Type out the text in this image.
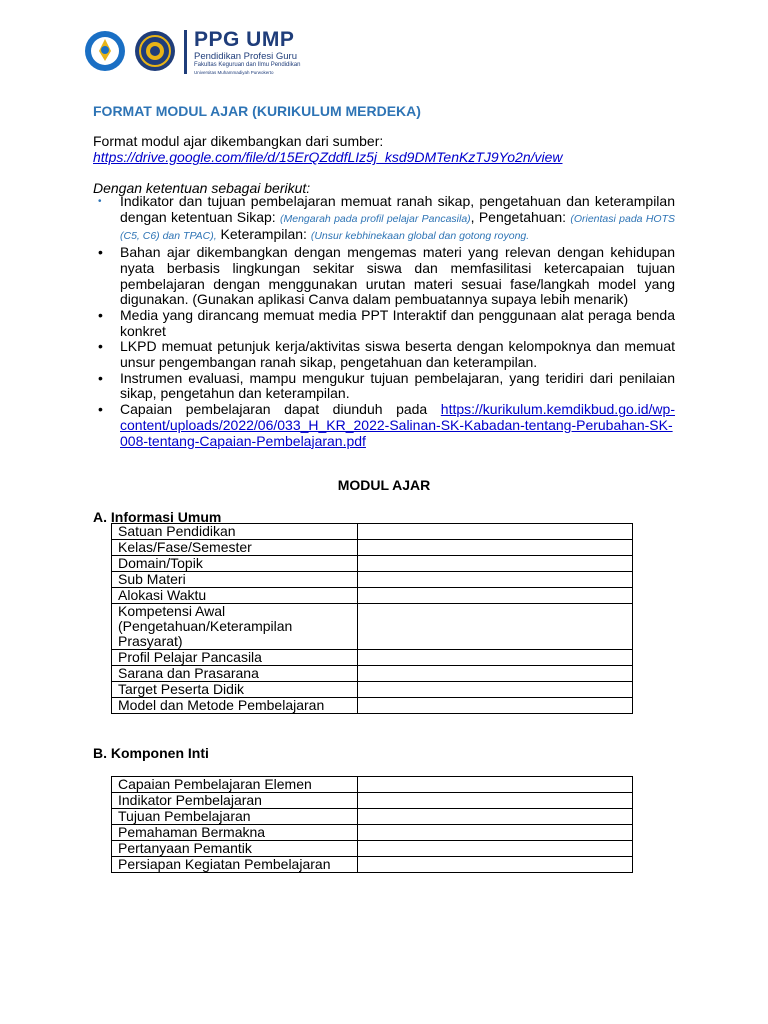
PPG UMP
Pendidikan Profesi Guru
Fakultas Keguruan dan Ilmu Pendidikan
Universitas Muhammadiyah Purwokerto
FORMAT MODUL AJAR (KURIKULUM MERDEKA)
Format modul ajar dikembangkan dari sumber:
https://drive.google.com/file/d/15ErQZddfLIz5j_ksd9DMTenKzTJ9Yo2n/view
Dengan ketentuan sebagai berikut:
• Indikator dan tujuan pembelajaran memuat ranah sikap, pengetahuan dan keterampilan dengan ketentuan Sikap: (Mengarah pada profil pelajar Pancasila), Pengetahuan: (Orientasi pada HOTS (C5, C6) dan TPAC), Keterampilan: (Unsur kebhinekaan global dan gotong royong.
• Bahan ajar dikembangkan dengan mengemas materi yang relevan dengan kehidupan nyata berbasis lingkungan sekitar siswa dan memfasilitasi ketercapaian tujuan pembelajaran dengan menggunakan urutan materi sesuai fase/langkah model yang digunakan. (Gunakan aplikasi Canva dalam pembuatannya supaya lebih menarik)
• Media yang dirancang memuat media PPT Interaktif dan penggunaan alat peraga benda konkret
• LKPD memuat petunjuk kerja/aktivitas siswa beserta dengan kelompoknya dan memuat unsur pengembangan ranah sikap, pengetahuan dan keterampilan.
• Instrumen evaluasi, mampu mengukur tujuan pembelajaran, yang teridiri dari penilaian sikap, pengetahun dan keterampilan.
• Capaian pembelajaran dapat diunduh pada https://kurikulum.kemdikbud.go.id/wp-content/uploads/2022/06/033_H_KR_2022-Salinan-SK-Kabadan-tentang-Perubahan-SK-008-tentang-Capaian-Pembelajaran.pdf
MODUL AJAR
A. Informasi Umum
Satuan Pendidikan	
Kelas/Fase/Semester	
Domain/Topik	
Sub Materi	
Alokasi Waktu	
Kompetensi Awal (Pengetahuan/Keterampilan Prasyarat)	
Profil Pelajar Pancasila	
Sarana dan Prasarana	
Target Peserta Didik	
Model dan Metode Pembelajaran	
B. Komponen Inti
Capaian Pembelajaran Elemen	
Indikator Pembelajaran	
Tujuan Pembelajaran	
Pemahaman Bermakna	
Pertanyaan Pemantik	
Persiapan Kegiatan Pembelajaran	
